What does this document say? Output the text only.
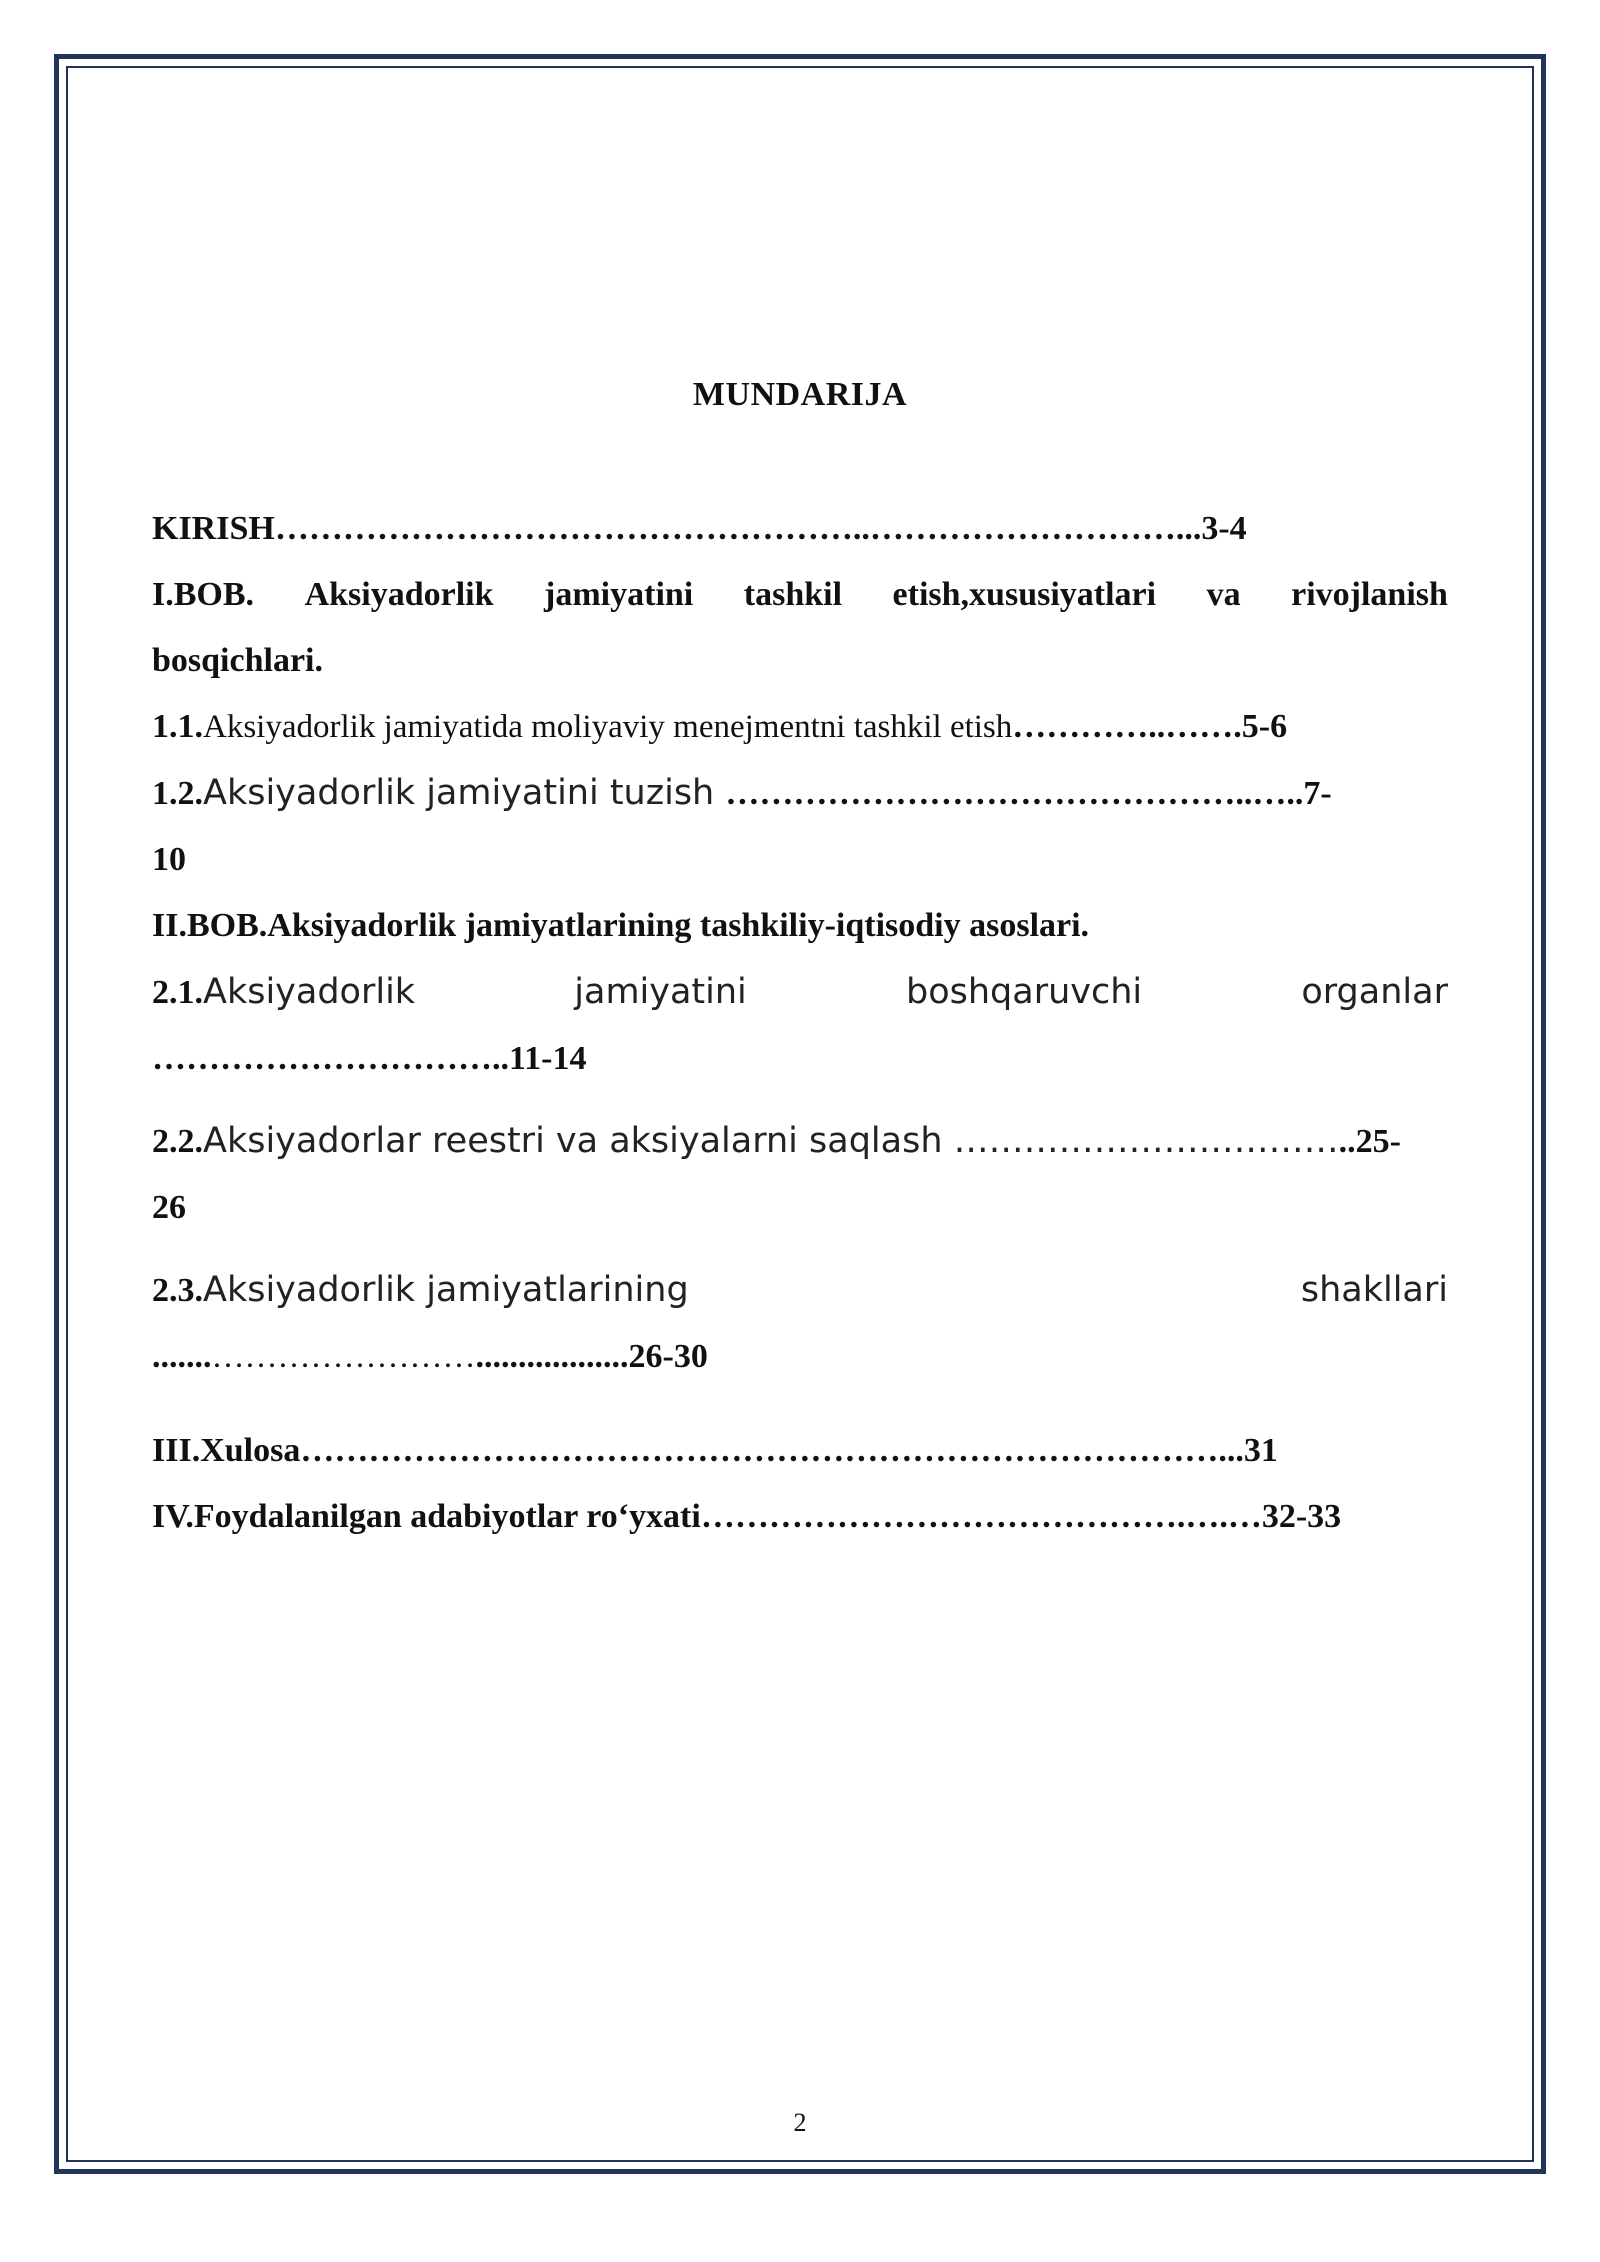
MUNDARIJA
KIRISH……………………………………………..………………………...3-4
I.BOB. Aksiyadorlik jamiyatini tashkil etish,xususiyatlari va rivojlanish
bosqichlari.
1.1.Aksiyadorlik jamiyatida moliyaviy menejmentni tashkil etish…………..…….5-6
1.2.Aksiyadorlik jamiyatini tuzish ………………………………………..…..7-
10
II.BOB.Aksiyadorlik jamiyatlarining tashkiliy-iqtisodiy asoslari.
2.1.Aksiyadorlik	jamiyatini	boshqaruvchi	organlar
…………………………..11-14
2.2.Aksiyadorlar reestri va aksiyalarni saqlash ……………………………..25-
26
2.3.Aksiyadorlik jamiyatlarining	shakllari
.......……………………..................26-30
III.Xulosa………………………………………………………………………...31
IV.Foydalanilgan adabiyotlar ro‘yxati…………………………………….….…32-33
2
